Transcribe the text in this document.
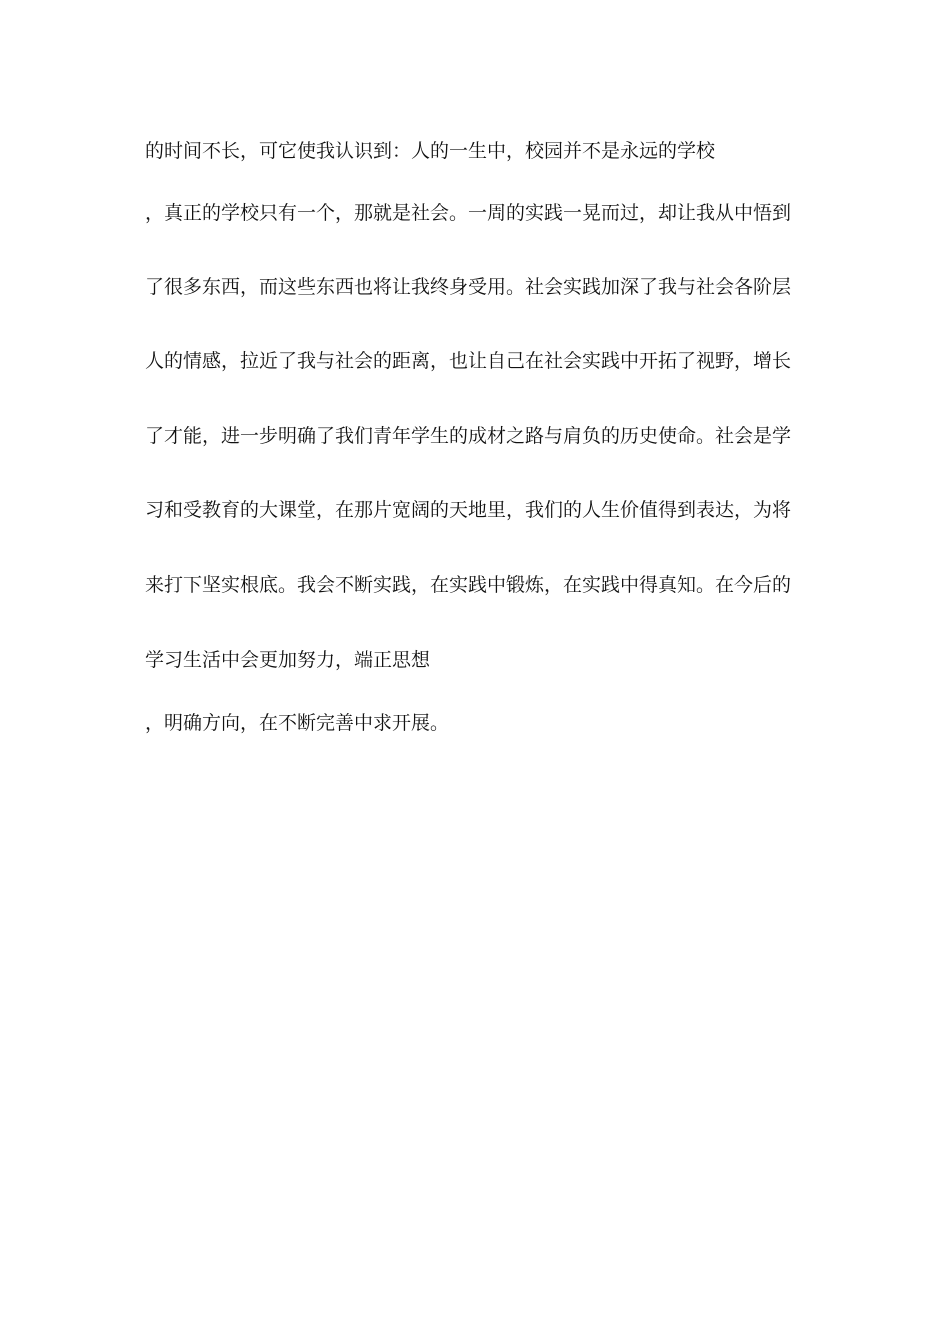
的时间不长，可它使我认识到：人的一生中，校园并不是永远的学校
，真正的学校只有一个，那就是社会。一周的实践一晃而过，却让我从中悟到
了很多东西，而这些东西也将让我终身受用。社会实践加深了我与社会各阶层
人的情感，拉近了我与社会的距离，也让自己在社会实践中开拓了视野，增长
了才能，进一步明确了我们青年学生的成材之路与肩负的历史使命。社会是学
习和受教育的大课堂，在那片宽阔的天地里，我们的人生价值得到表达，为将
来打下坚实根底。我会不断实践，在实践中锻炼，在实践中得真知。在今后的
学习生活中会更加努力，端正思想
，明确方向，在不断完善中求开展。
